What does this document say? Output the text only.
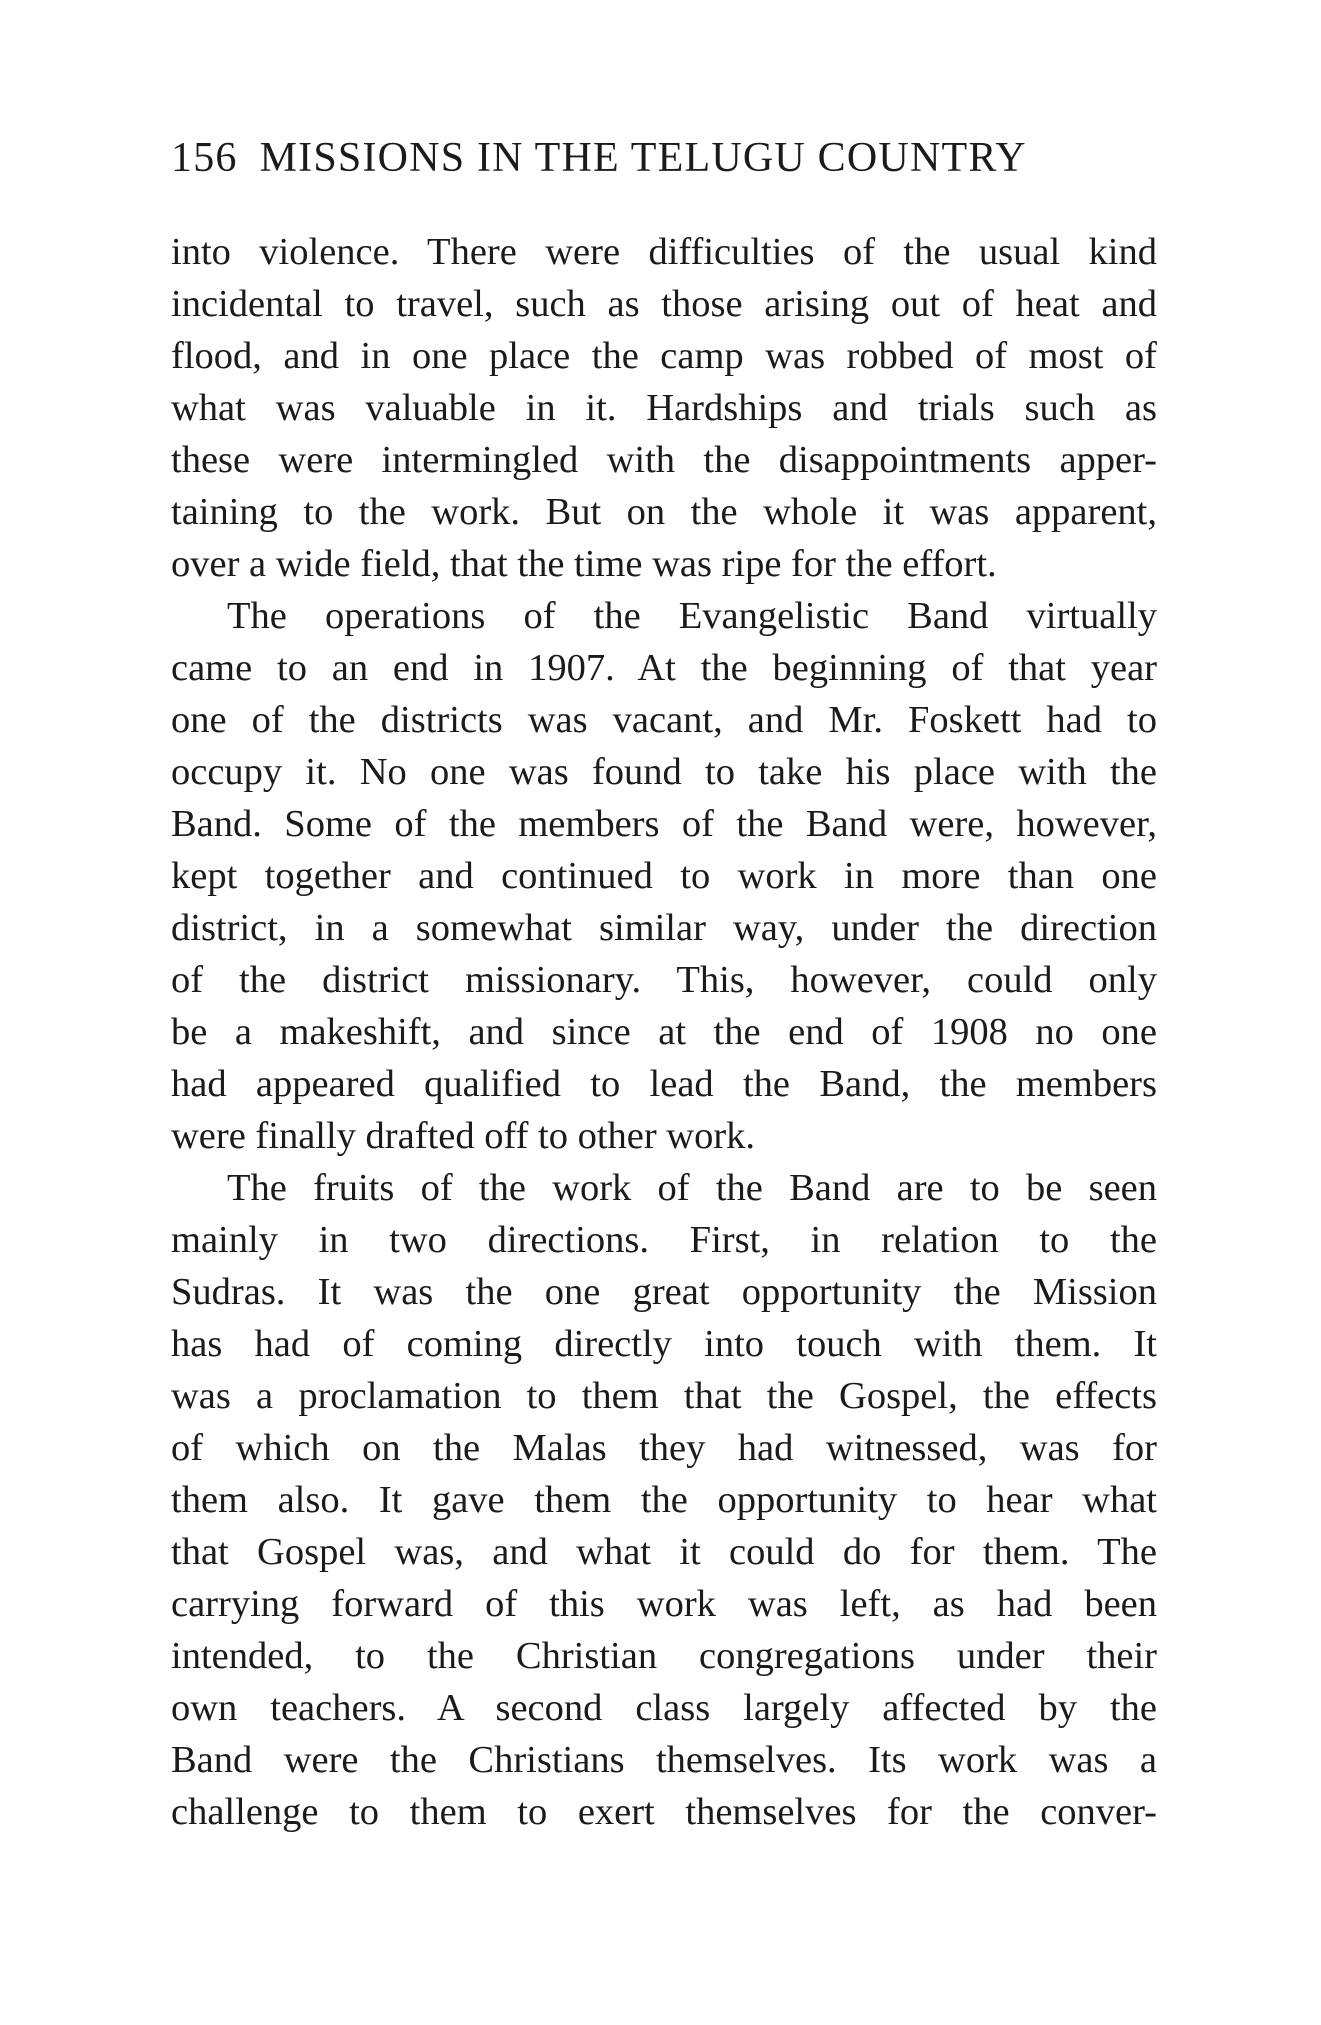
156 MISSIONS IN THE TELUGU COUNTRY
into violence. There were difficulties of the usual kind
incidental to travel, such as those arising out of heat and
flood, and in one place the camp was robbed of most of
what was valuable in it. Hardships and trials such as
these were intermingled with the disappointments apper-
taining to the work. But on the whole it was apparent,
over a wide field, that the time was ripe for the effort.
The operations of the Evangelistic Band virtually
came to an end in 1907. At the beginning of that year
one of the districts was vacant, and Mr. Foskett had to
occupy it. No one was found to take his place with the
Band. Some of the members of the Band were, however,
kept together and continued to work in more than one
district, in a somewhat similar way, under the direction
of the district missionary. This, however, could only
be a makeshift, and since at the end of 1908 no one
had appeared qualified to lead the Band, the members
were finally drafted off to other work.
The fruits of the work of the Band are to be seen
mainly in two directions. First, in relation to the
Sudras. It was the one great opportunity the Mission
has had of coming directly into touch with them. It
was a proclamation to them that the Gospel, the effects
of which on the Malas they had witnessed, was for
them also. It gave them the opportunity to hear what
that Gospel was, and what it could do for them. The
carrying forward of this work was left, as had been
intended, to the Christian congregations under their
own teachers. A second class largely affected by the
Band were the Christians themselves. Its work was a
challenge to them to exert themselves for the conver-
